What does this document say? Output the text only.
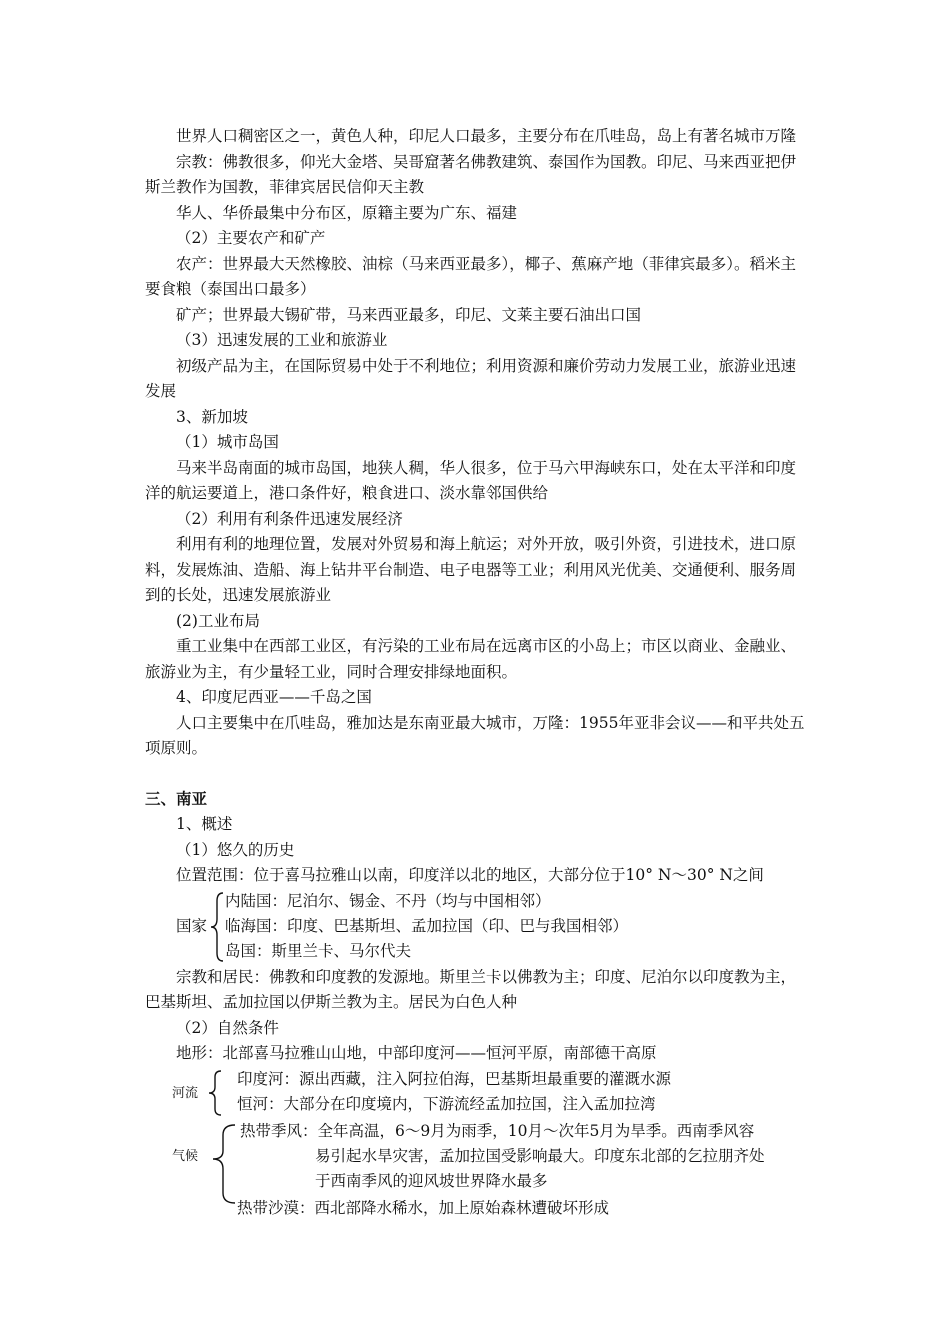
世界人口稠密区之一，黄色人种，印尼人口最多，主要分布在爪哇岛，岛上有著名城市万隆

宗教：佛教很多，仰光大金塔、吴哥窟著名佛教建筑、泰国作为国教。印尼、马来西亚把伊斯兰教作为国教，菲律宾居民信仰天主教

华人、华侨最集中分布区，原籍主要为广东、福建

（2）主要农产和矿产

农产：世界最大天然橡胶、油棕（马来西亚最多），椰子、蕉麻产地（菲律宾最多）。稻米主要食粮（泰国出口最多）

矿产；世界最大锡矿带，马来西亚最多，印尼、文莱主要石油出口国

（3）迅速发展的工业和旅游业

初级产品为主，在国际贸易中处于不利地位；利用资源和廉价劳动力发展工业，旅游业迅速发展

3、新加坡

（1）城市岛国

马来半岛南面的城市岛国，地狭人稠，华人很多，位于马六甲海峡东口，处在太平洋和印度洋的航运要道上，港口条件好，粮食进口、淡水靠邻国供给

（2）利用有利条件迅速发展经济

利用有利的地理位置，发展对外贸易和海上航运；对外开放，吸引外资，引进技术，进口原料，发展炼油、造船、海上钻井平台制造、电子电器等工业；利用风光优美、交通便利、服务周到的长处，迅速发展旅游业

(2)工业布局

重工业集中在西部工业区，有污染的工业布局在远离市区的小岛上；市区以商业、金融业、旅游业为主，有少量轻工业，同时合理安排绿地面积。

4、印度尼西亚——千岛之国

人口主要集中在爪哇岛，雅加达是东南亚最大城市，万隆：1955年亚非会议——和平共处五项原则。

三、南亚

1、概述

（1）悠久的历史

位置范围：位于喜马拉雅山以南，印度洋以北的地区，大部分位于10° N～30° N之间

国家

内陆国：尼泊尔、锡金、不丹（均与中国相邻）

临海国：印度、巴基斯坦、孟加拉国（印、巴与我国相邻）

岛国：斯里兰卡、马尔代夫

宗教和居民：佛教和印度教的发源地。斯里兰卡以佛教为主；印度、尼泊尔以印度教为主，巴基斯坦、孟加拉国以伊斯兰教为主。居民为白色人种

（2）自然条件

地形：北部喜马拉雅山山地，中部印度河——恒河平原，南部德干高原

河流

印度河：源出西藏，注入阿拉伯海，巴基斯坦最重要的灌溉水源

恒河：大部分在印度境内，下游流经孟加拉国，注入孟加拉湾

气候

热带季风：全年高温，6～9月为雨季，10月～次年5月为旱季。西南季风容

易引起水旱灾害，孟加拉国受影响最大。印度东北部的乞拉朋齐处

于西南季风的迎风坡世界降水最多

热带沙漠：西北部降水稀水，加上原始森林遭破坏形成
